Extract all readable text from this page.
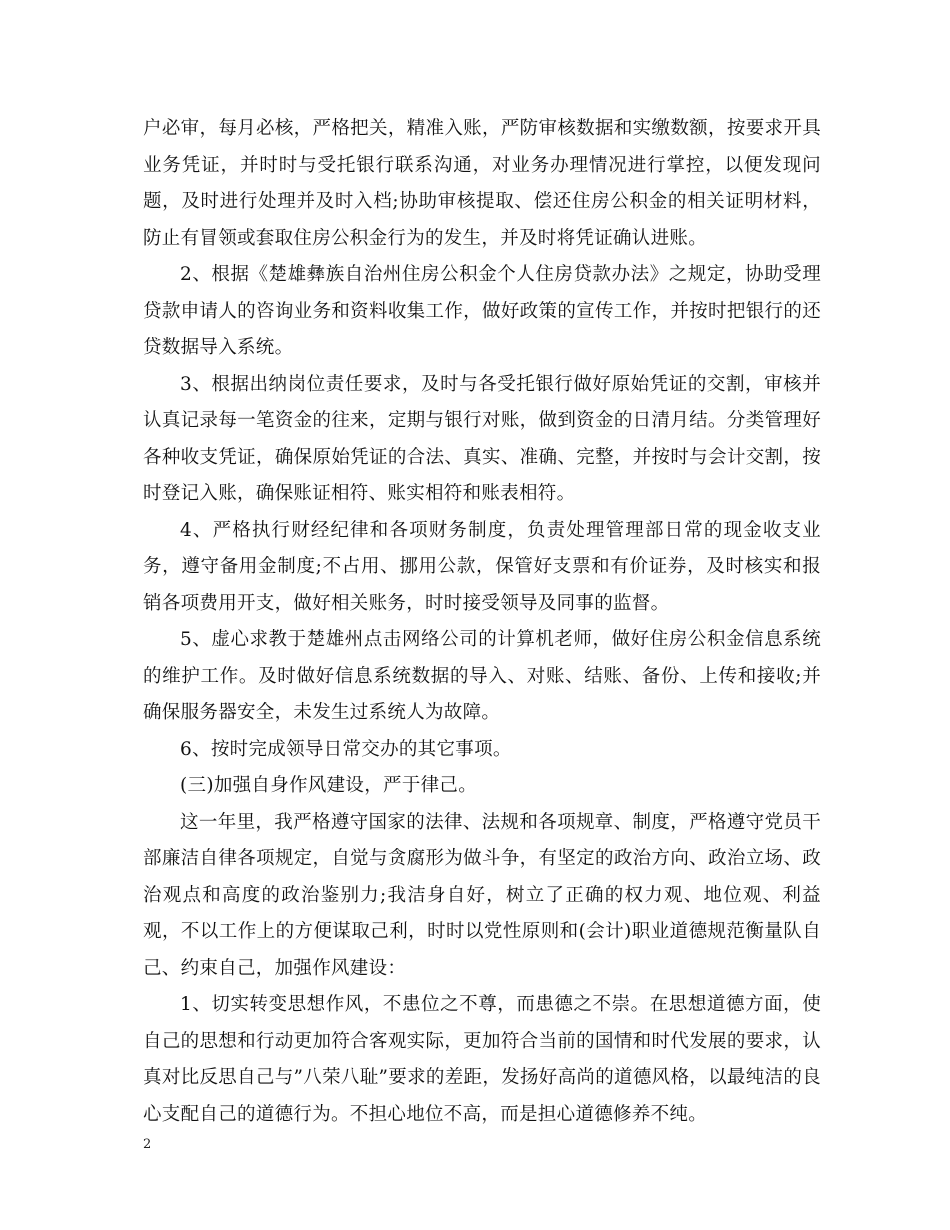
户必审，每月必核，严格把关，精准入账，严防审核数据和实缴数额，按要求开具业务凭证，并时时与受托银行联系沟通，对业务办理情况进行掌控，以便发现问题，及时进行处理并及时入档;协助审核提取、偿还住房公积金的相关证明材料，防止有冒领或套取住房公积金行为的发生，并及时将凭证确认进账。

2、根据《楚雄彝族自治州住房公积金个人住房贷款办法》之规定，协助受理贷款申请人的咨询业务和资料收集工作，做好政策的宣传工作，并按时把银行的还贷数据导入系统。

3、根据出纳岗位责任要求，及时与各受托银行做好原始凭证的交割，审核并认真记录每一笔资金的往来，定期与银行对账，做到资金的日清月结。分类管理好各种收支凭证，确保原始凭证的合法、真实、准确、完整，并按时与会计交割，按时登记入账，确保账证相符、账实相符和账表相符。

4、严格执行财经纪律和各项财务制度，负责处理管理部日常的现金收支业务，遵守备用金制度;不占用、挪用公款，保管好支票和有价证券，及时核实和报销各项费用开支，做好相关账务，时时接受领导及同事的监督。

5、虚心求教于楚雄州点击网络公司的计算机老师，做好住房公积金信息系统的维护工作。及时做好信息系统数据的导入、对账、结账、备份、上传和接收;并确保服务器安全，未发生过系统人为故障。

6、按时完成领导日常交办的其它事项。

(三)加强自身作风建设，严于律己。

这一年里，我严格遵守国家的法律、法规和各项规章、制度，严格遵守党员干部廉洁自律各项规定，自觉与贪腐形为做斗争，有坚定的政治方向、政治立场、政治观点和高度的政治鉴别力;我洁身自好，树立了正确的权力观、地位观、利益观，不以工作上的方便谋取己利，时时以党性原则和(会计)职业道德规范衡量队自己、约束自己，加强作风建设：

1、切实转变思想作风，不患位之不尊，而患德之不崇。在思想道德方面，使自己的思想和行动更加符合客观实际，更加符合当前的国情和时代发展的要求，认真对比反思自己与”八荣八耻”要求的差距，发扬好高尚的道德风格，以最纯洁的良心支配自己的道德行为。不担心地位不高，而是担心道德修养不纯。

2
